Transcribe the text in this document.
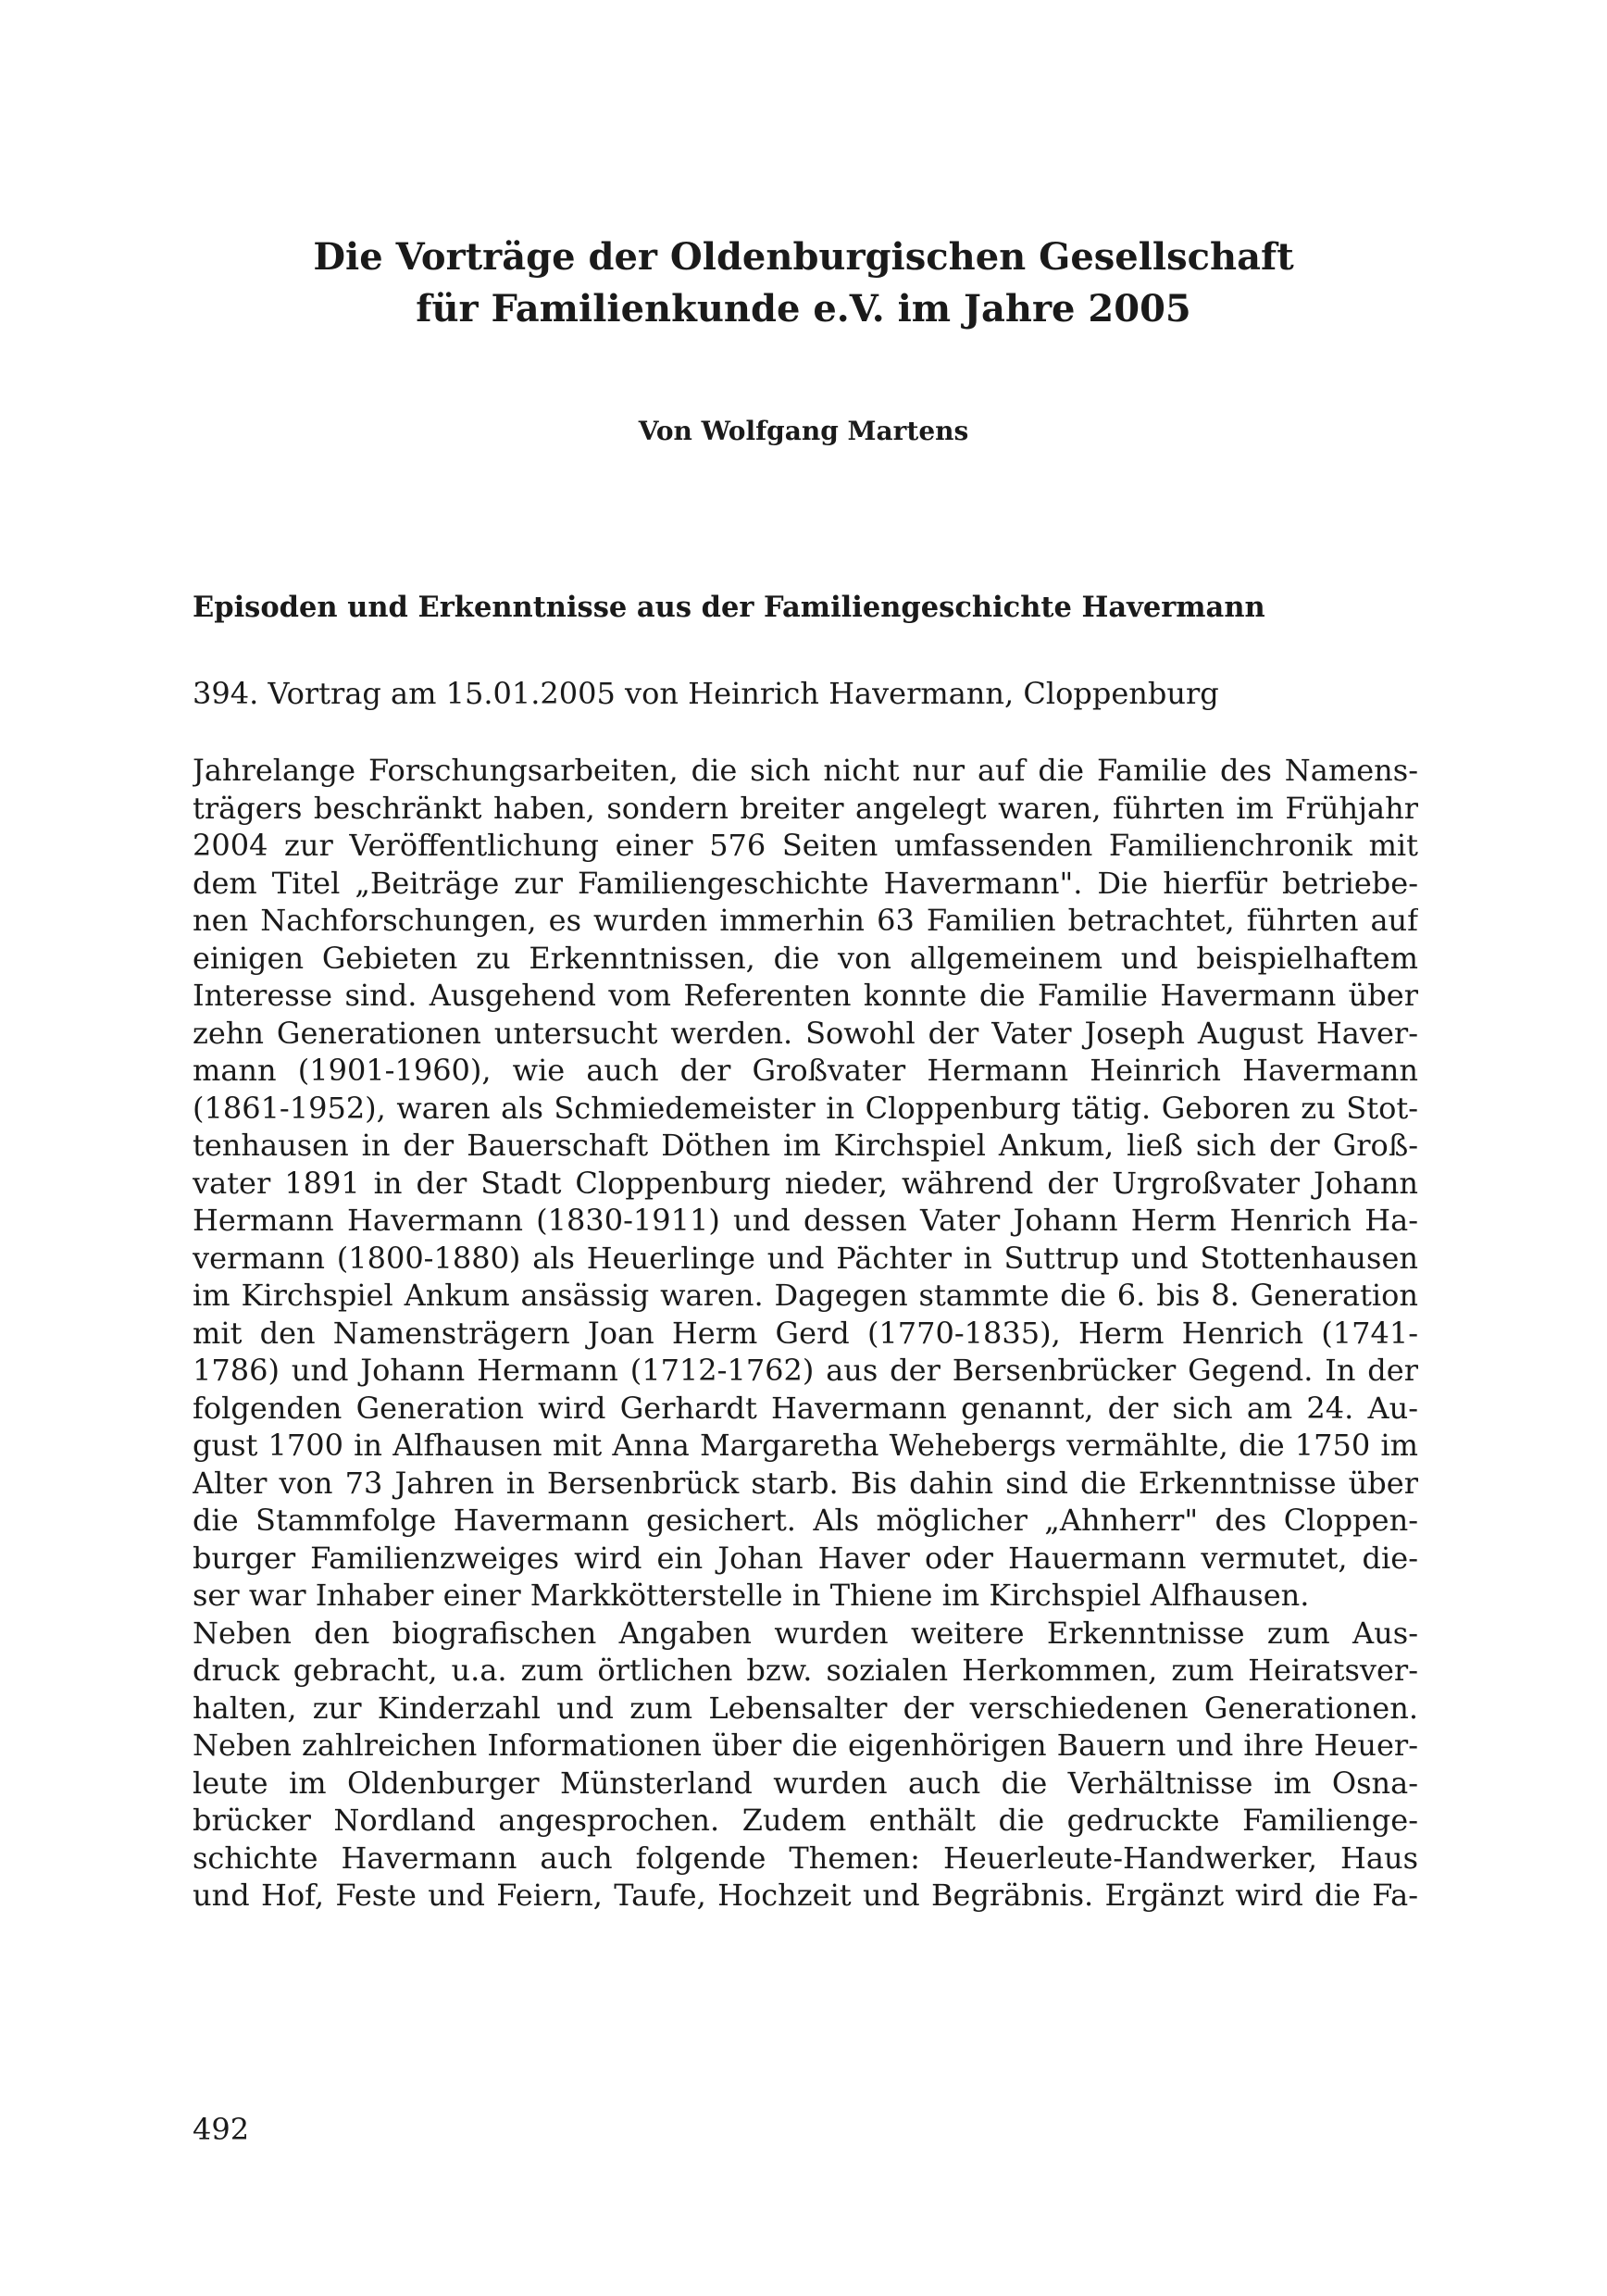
Die Vorträge der Oldenburgischen Gesellschaft
für Familienkunde e.V. im Jahre 2005

Von Wolfgang Martens

Episoden und Erkenntnisse aus der Familiengeschichte Havermann

394. Vortrag am 15.01.2005 von Heinrich Havermann, Cloppenburg

Jahrelange Forschungsarbeiten, die sich nicht nur auf die Familie des Namens-
trägers beschränkt haben, sondern breiter angelegt waren, führten im Frühjahr
2004 zur Veröffentlichung einer 576 Seiten umfassenden Familienchronik mit
dem Titel „Beiträge zur Familiengeschichte Havermann". Die hierfür betriebe-
nen Nachforschungen, es wurden immerhin 63 Familien betrachtet, führten auf
einigen Gebieten zu Erkenntnissen, die von allgemeinem und beispielhaftem
Interesse sind. Ausgehend vom Referenten konnte die Familie Havermann über
zehn Generationen untersucht werden. Sowohl der Vater Joseph August Haver-
mann (1901-1960), wie auch der Großvater Hermann Heinrich Havermann
(1861-1952), waren als Schmiedemeister in Cloppenburg tätig. Geboren zu Stot-
tenhausen in der Bauerschaft Döthen im Kirchspiel Ankum, ließ sich der Groß-
vater 1891 in der Stadt Cloppenburg nieder, während der Urgroßvater Johann
Hermann Havermann (1830-1911) und dessen Vater Johann Herm Henrich Ha-
vermann (1800-1880) als Heuerlinge und Pächter in Suttrup und Stottenhausen
im Kirchspiel Ankum ansässig waren. Dagegen stammte die 6. bis 8. Generation
mit den Namensträgern Joan Herm Gerd (1770-1835), Herm Henrich (1741-
1786) und Johann Hermann (1712-1762) aus der Bersenbrücker Gegend. In der
folgenden Generation wird Gerhardt Havermann genannt, der sich am 24. Au-
gust 1700 in Alfhausen mit Anna Margaretha Wehebergs vermählte, die 1750 im
Alter von 73 Jahren in Bersenbrück starb. Bis dahin sind die Erkenntnisse über
die Stammfolge Havermann gesichert. Als möglicher „Ahnherr" des Cloppen-
burger Familienzweiges wird ein Johan Haver oder Hauermann vermutet, die-
ser war Inhaber einer Markkötterstelle in Thiene im Kirchspiel Alfhausen.
Neben den biografischen Angaben wurden weitere Erkenntnisse zum Aus-
druck gebracht, u.a. zum örtlichen bzw. sozialen Herkommen, zum Heiratsver-
halten, zur Kinderzahl und zum Lebensalter der verschiedenen Generationen.
Neben zahlreichen Informationen über die eigenhörigen Bauern und ihre Heuer-
leute im Oldenburger Münsterland wurden auch die Verhältnisse im Osna-
brücker Nordland angesprochen. Zudem enthält die gedruckte Familienge-
schichte Havermann auch folgende Themen: Heuerleute-Handwerker, Haus
und Hof, Feste und Feiern, Taufe, Hochzeit und Begräbnis. Ergänzt wird die Fa-

492
